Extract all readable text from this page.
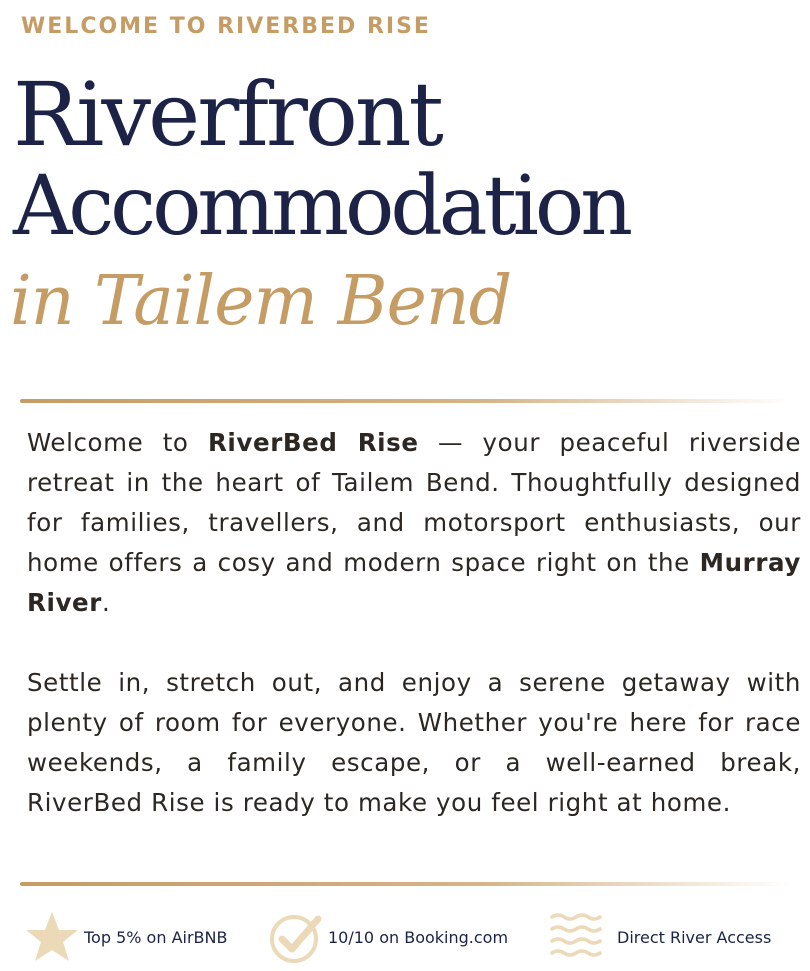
WELCOME TO RIVERBED RISE
Riverfront
Accommodation
in Tailem Bend

Welcome to RiverBed Rise — your peaceful riverside retreat in the heart of Tailem Bend. Thoughtfully designed for families, travellers, and motorsport enthusiasts, our home offers a cosy and modern space right on the Murray River.

Settle in, stretch out, and enjoy a serene getaway with plenty of room for everyone. Whether you're here for race weekends, a family escape, or a well-earned break, RiverBed Rise is ready to make you feel right at home.

Top 5% on AirBNB	10/10 on Booking.com	Direct River Access
